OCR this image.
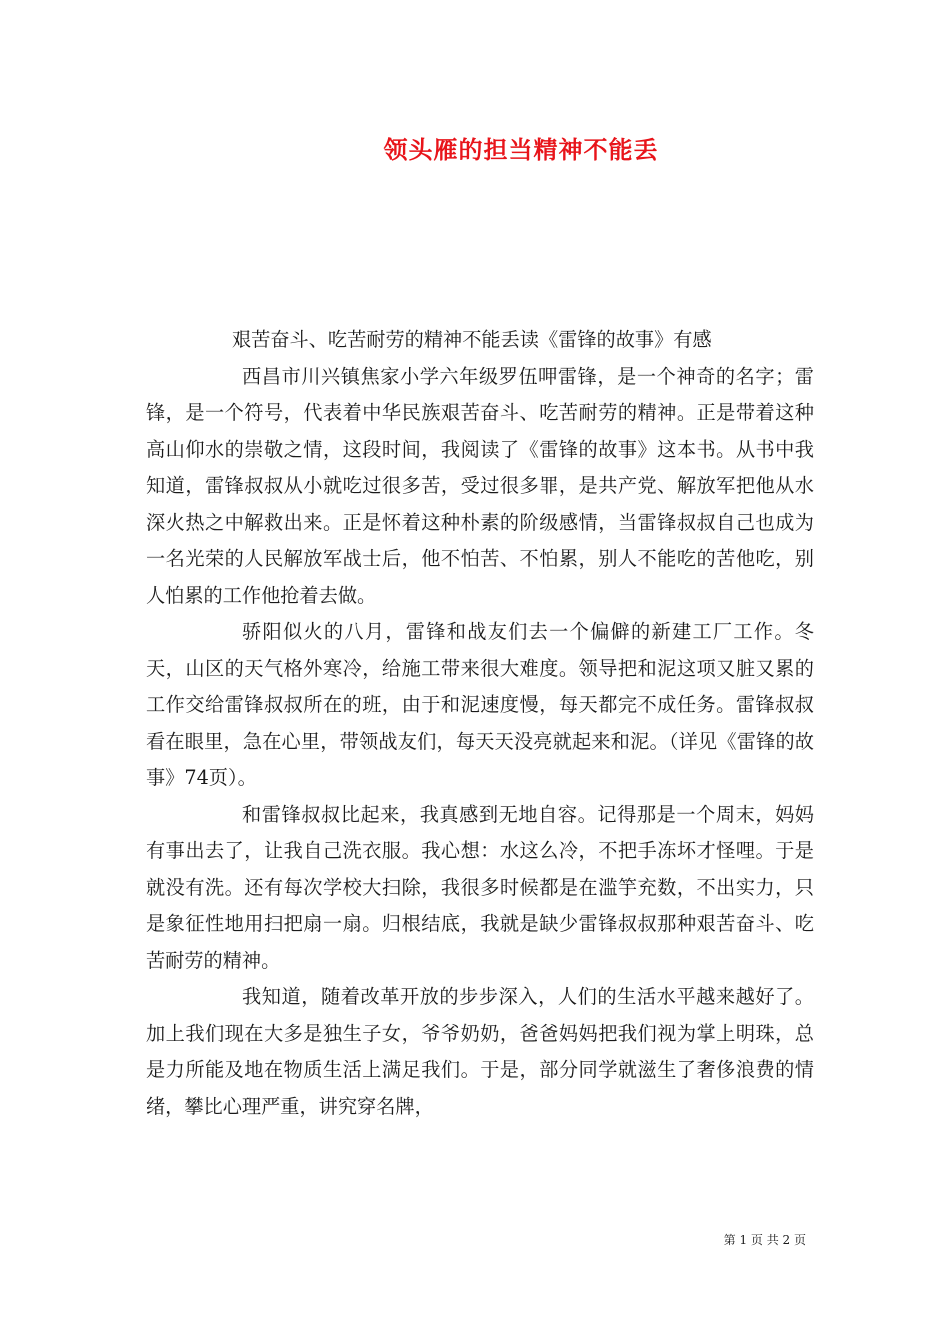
领头雁的担当精神不能丢

艰苦奋斗、吃苦耐劳的精神不能丢读《雷锋的故事》有感

西昌市川兴镇焦家小学六年级罗伍呷雷锋，是一个神奇的名字；雷锋，是一个符号，代表着中华民族艰苦奋斗、吃苦耐劳的精神。正是带着这种高山仰水的崇敬之情，这段时间，我阅读了《雷锋的故事》这本书。从书中我知道，雷锋叔叔从小就吃过很多苦，受过很多罪，是共产党、解放军把他从水深火热之中解救出来。正是怀着这种朴素的阶级感情，当雷锋叔叔自己也成为一名光荣的人民解放军战士后，他不怕苦、不怕累，别人不能吃的苦他吃，别人怕累的工作他抢着去做。

骄阳似火的八月，雷锋和战友们去一个偏僻的新建工厂工作。冬天，山区的天气格外寒冷，给施工带来很大难度。领导把和泥这项又脏又累的工作交给雷锋叔叔所在的班，由于和泥速度慢，每天都完不成任务。雷锋叔叔看在眼里，急在心里，带领战友们，每天天没亮就起来和泥。（详见《雷锋的故事》74页）。

和雷锋叔叔比起来，我真感到无地自容。记得那是一个周末，妈妈有事出去了，让我自己洗衣服。我心想：水这么冷，不把手冻坏才怪哩。于是就没有洗。还有每次学校大扫除，我很多时候都是在滥竽充数，不出实力，只是象征性地用扫把扇一扇。归根结底，我就是缺少雷锋叔叔那种艰苦奋斗、吃苦耐劳的精神。

我知道，随着改革开放的步步深入，人们的生活水平越来越好了。加上我们现在大多是独生子女，爷爷奶奶，爸爸妈妈把我们视为掌上明珠，总是力所能及地在物质生活上满足我们。于是，部分同学就滋生了奢侈浪费的情绪，攀比心理严重，讲究穿名牌，

第 1 页 共 2 页
